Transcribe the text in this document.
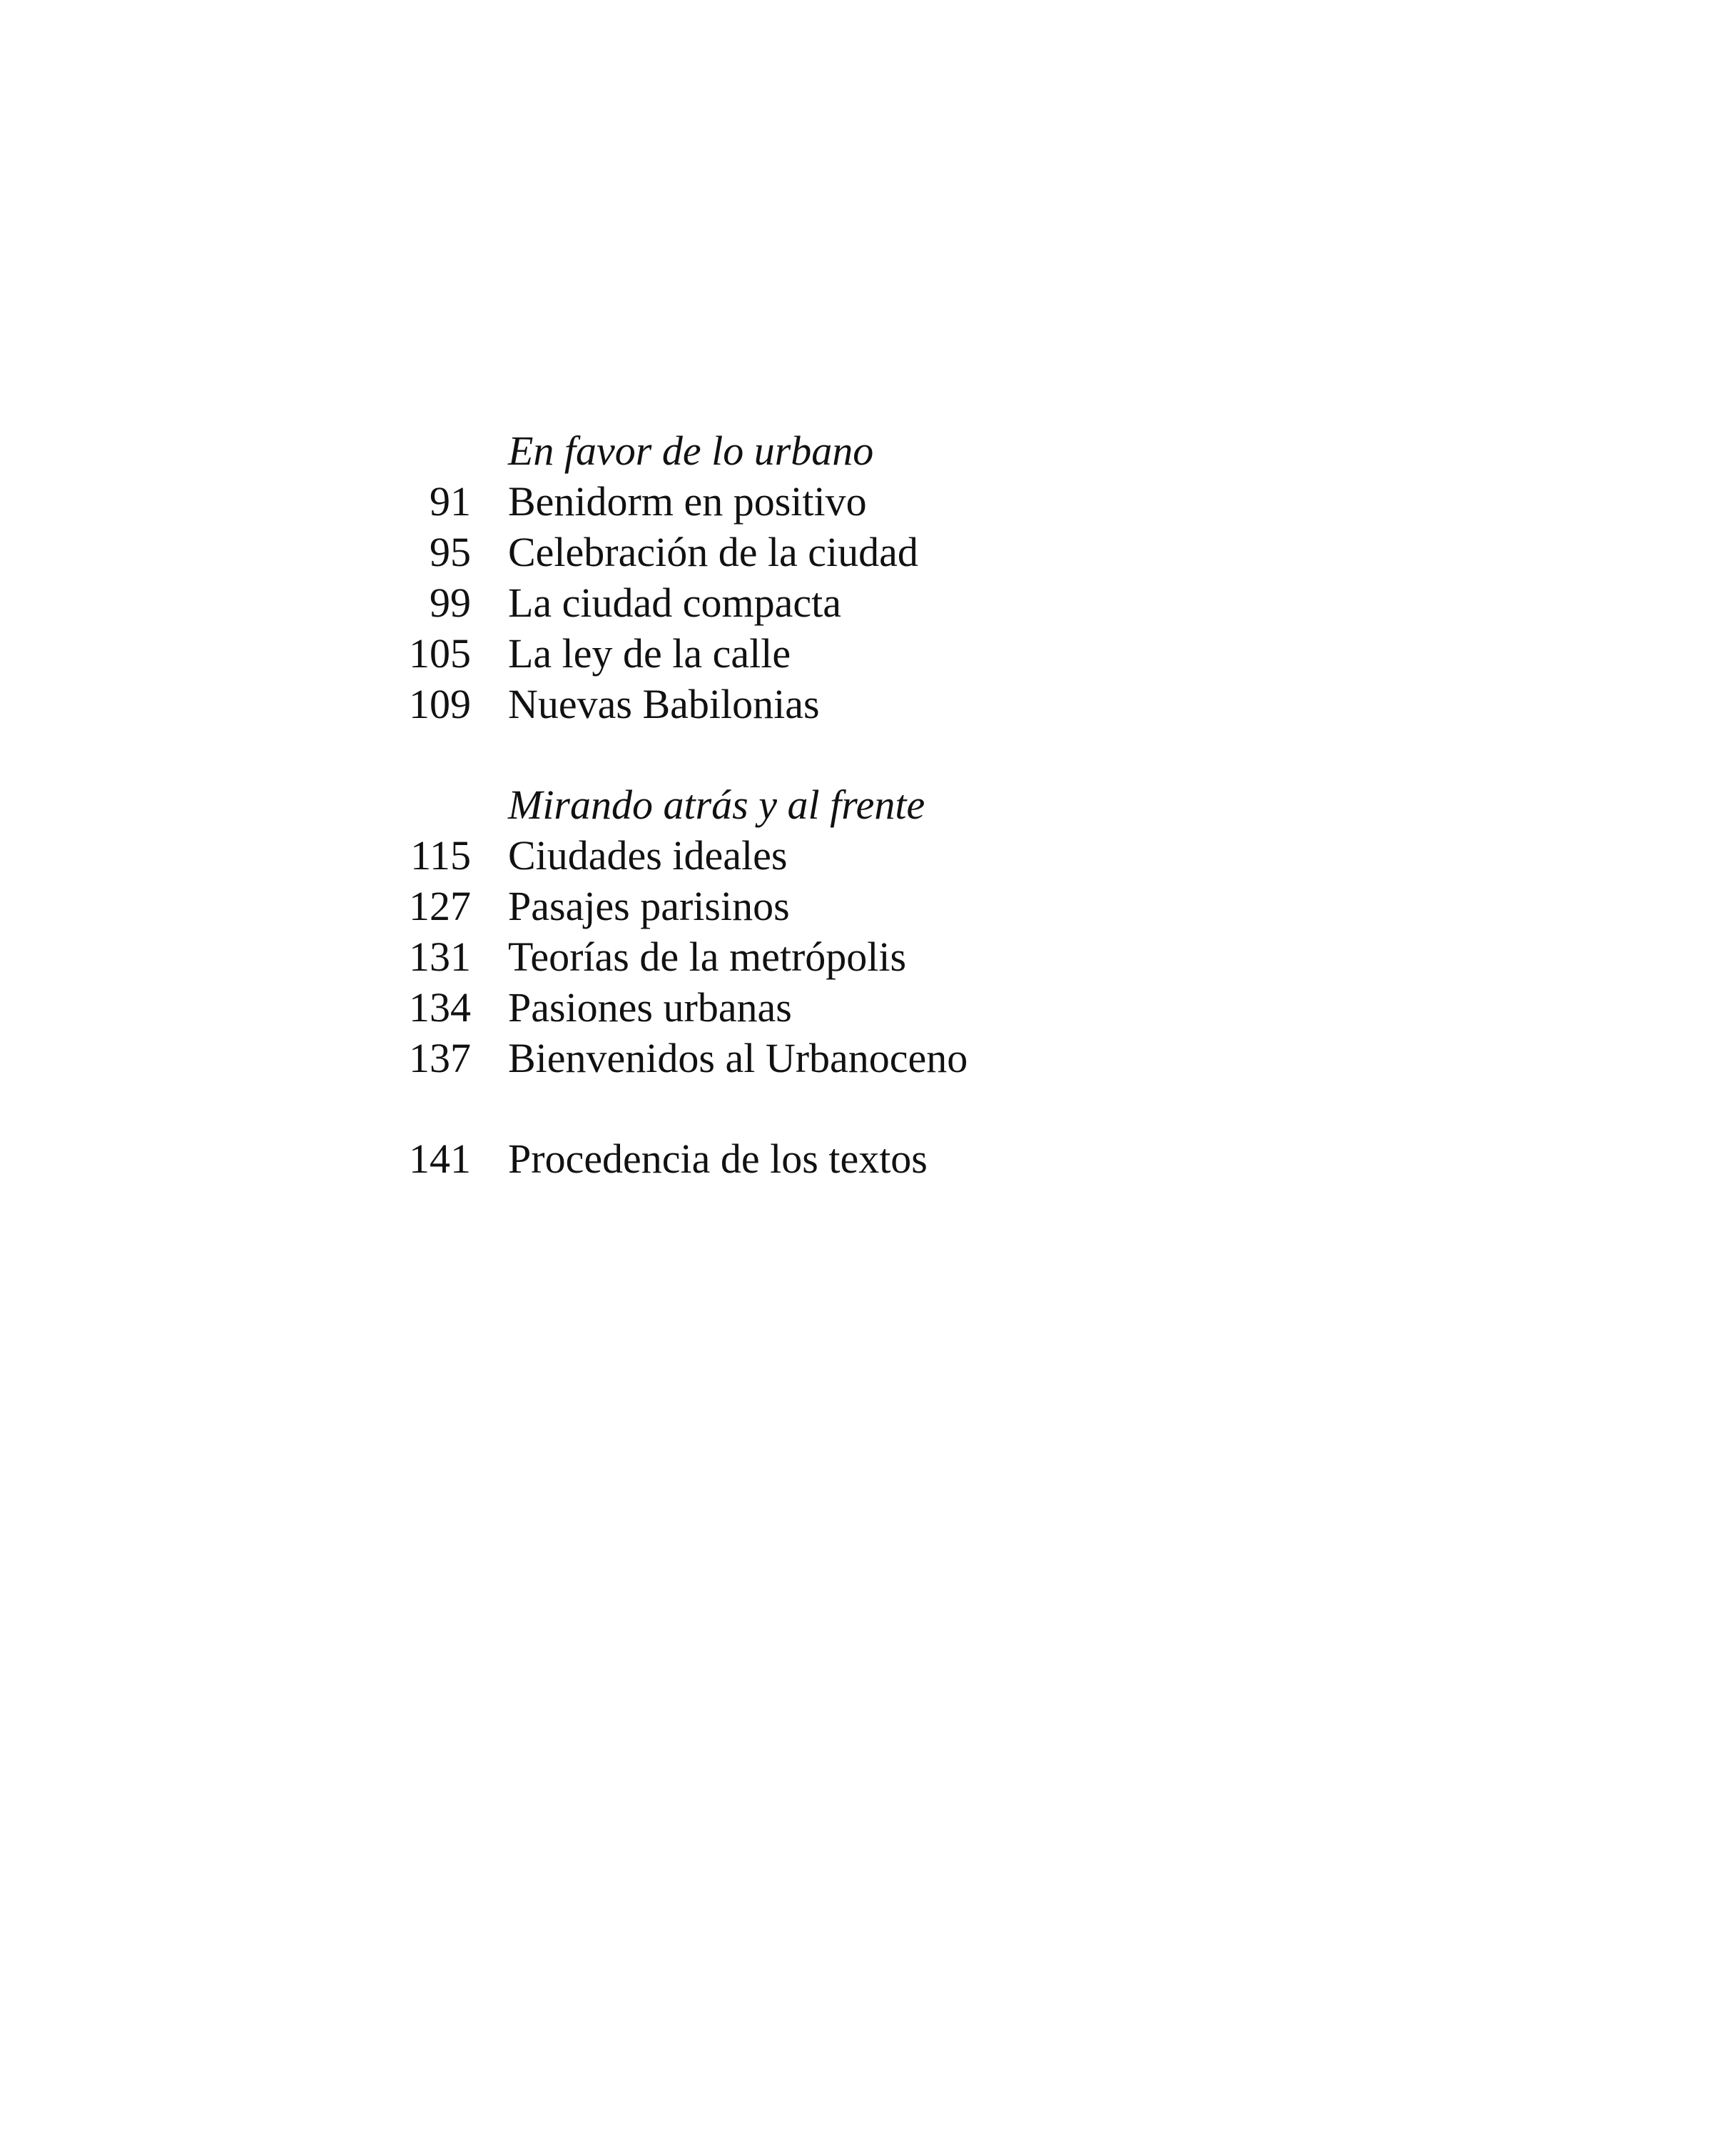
En favor de lo urbano
91 Benidorm en positivo
95 Celebración de la ciudad
99 La ciudad compacta
105 La ley de la calle
109 Nuevas Babilonias
Mirando atrás y al frente
115 Ciudades ideales
127 Pasajes parisinos
131 Teorías de la metrópolis
134 Pasiones urbanas
137 Bienvenidos al Urbanoceno
141 Procedencia de los textos
